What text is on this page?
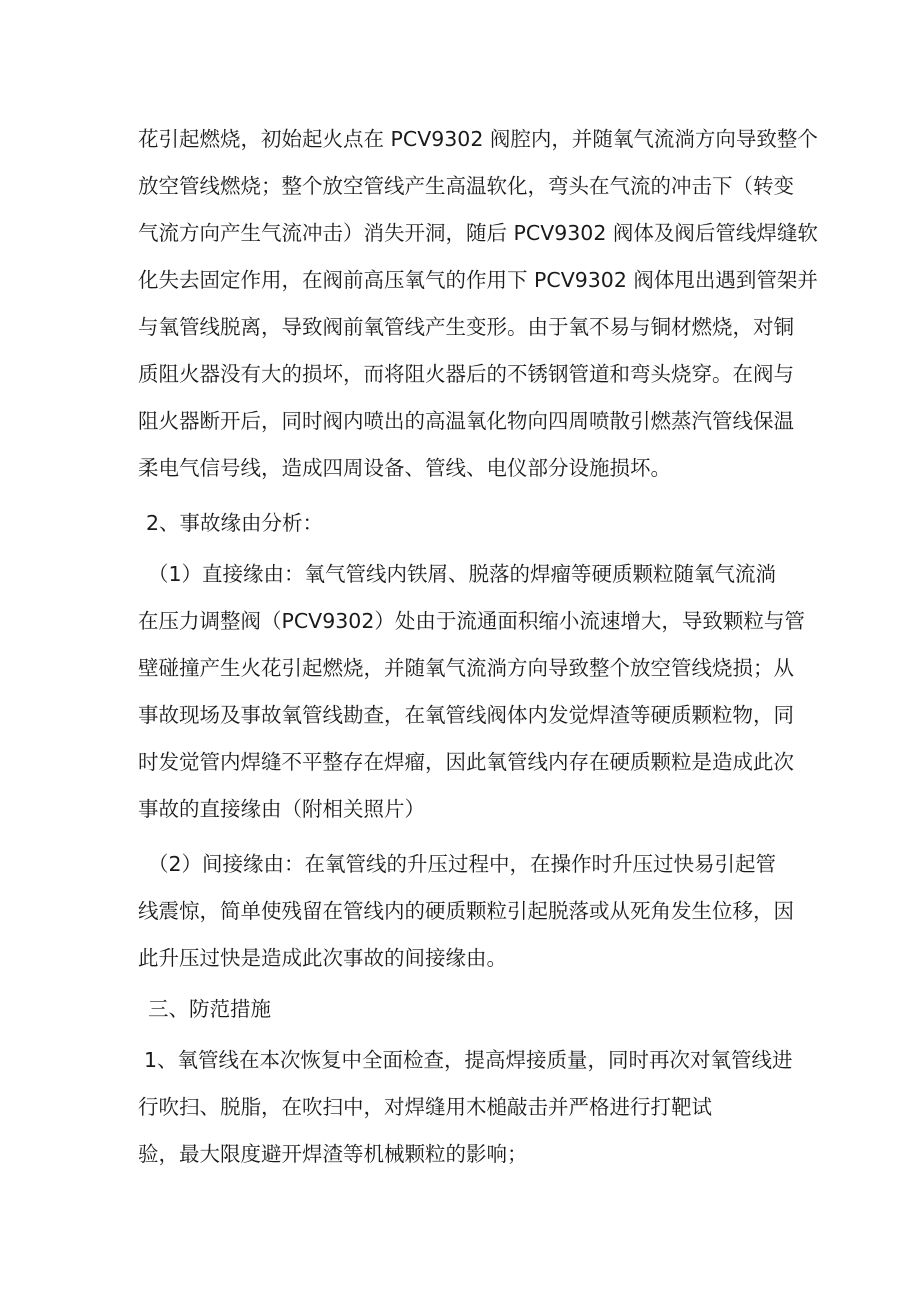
花引起燃烧，初始起火点在 PCV9302 阀腔内，并随氧气流淌方向导致整个
放空管线燃烧；整个放空管线产生高温软化，弯头在气流的冲击下（转变
气流方向产生气流冲击）消失开洞，随后 PCV9302 阀体及阀后管线焊缝软
化失去固定作用，在阀前高压氧气的作用下 PCV9302 阀体甩出遇到管架并
与氧管线脱离，导致阀前氧管线产生变形。由于氧不易与铜材燃烧，对铜
质阻火器没有大的损坏，而将阻火器后的不锈钢管道和弯头烧穿。在阀与
阻火器断开后，同时阀内喷出的高温氧化物向四周喷散引燃蒸汽管线保温
柔电气信号线，造成四周设备、管线、电仪部分设施损坏。
2、事故缘由分析：
（1）直接缘由：氧气管线内铁屑、脱落的焊瘤等硬质颗粒随氧气流淌
在压力调整阀（PCV9302）处由于流通面积缩小流速增大，导致颗粒与管
壁碰撞产生火花引起燃烧，并随氧气流淌方向导致整个放空管线烧损；从
事故现场及事故氧管线勘查，在氧管线阀体内发觉焊渣等硬质颗粒物，同
时发觉管内焊缝不平整存在焊瘤，因此氧管线内存在硬质颗粒是造成此次
事故的直接缘由（附相关照片）
（2）间接缘由：在氧管线的升压过程中，在操作时升压过快易引起管
线震惊，简单使残留在管线内的硬质颗粒引起脱落或从死角发生位移，因
此升压过快是造成此次事故的间接缘由。
三、防范措施
1、氧管线在本次恢复中全面检查，提高焊接质量，同时再次对氧管线进
行吹扫、脱脂，在吹扫中，对焊缝用木槌敲击并严格进行打靶试
验，最大限度避开焊渣等机械颗粒的影响；
